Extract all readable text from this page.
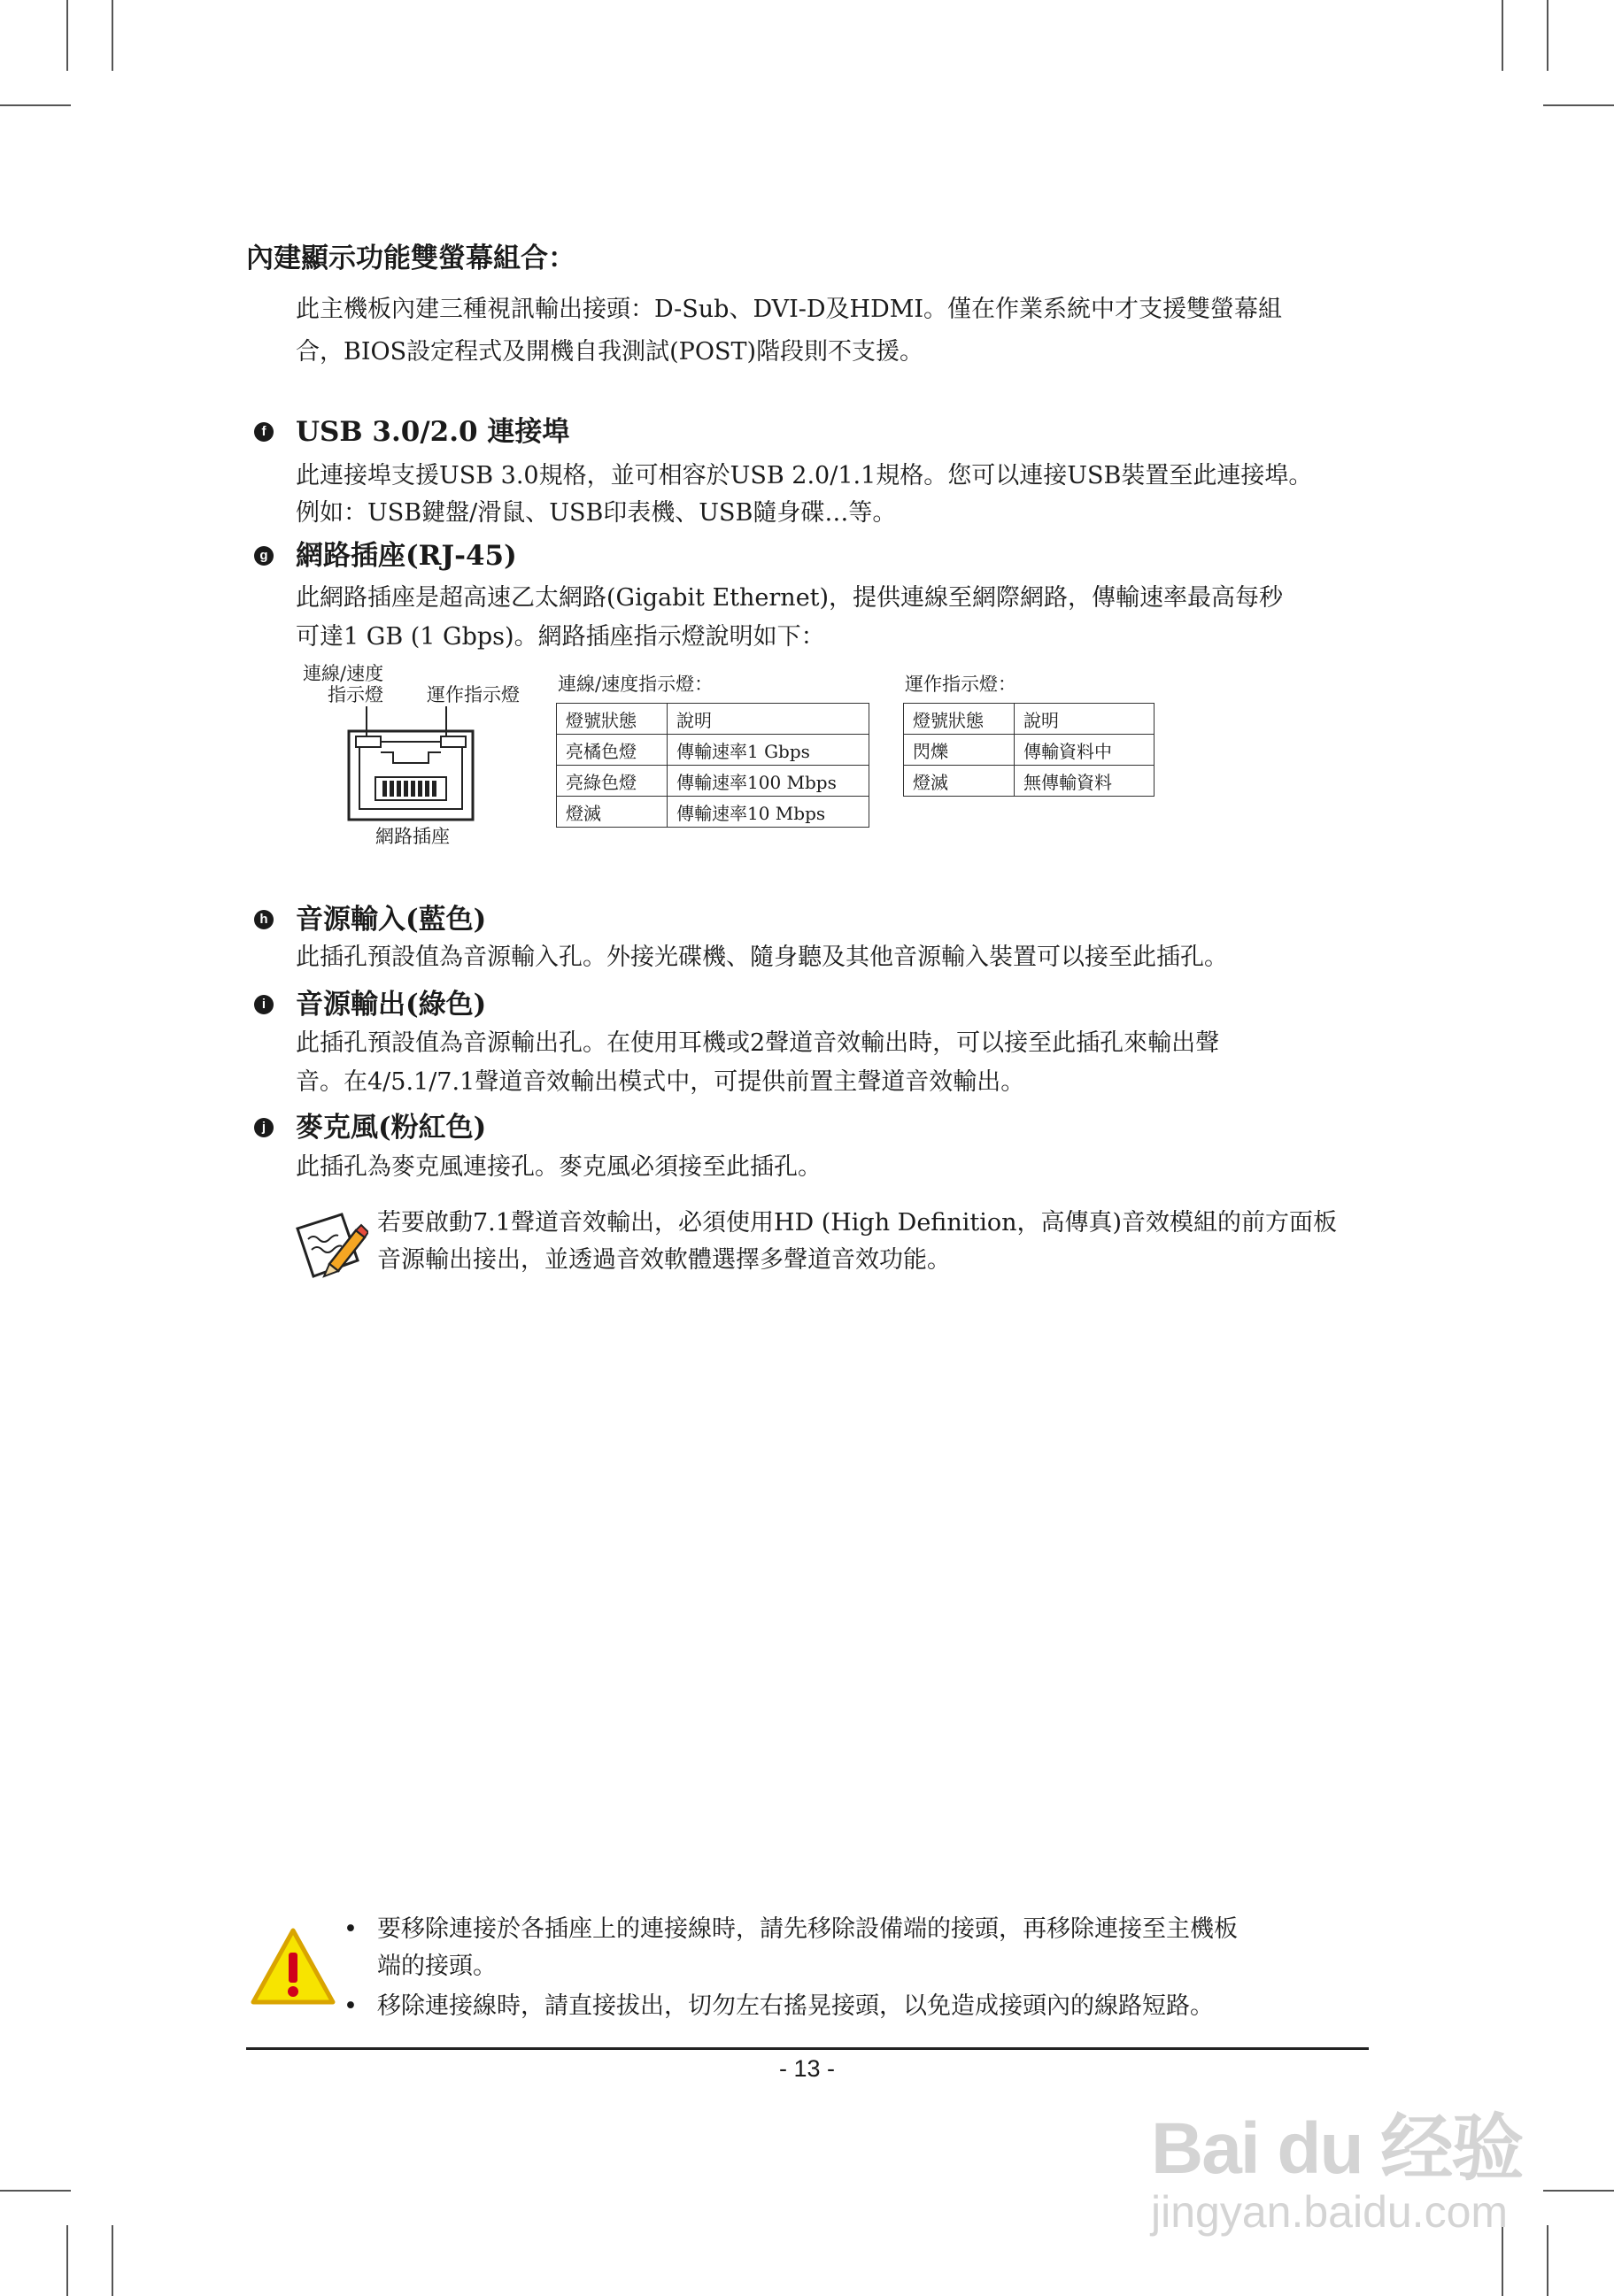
內建顯示功能雙螢幕組合：
此主機板內建三種視訊輸出接頭：D-Sub、DVI-D及HDMI。僅在作業系統中才支援雙螢幕組
合，BIOS設定程式及開機自我測試(POST)階段則不支援。
f USB 3.0/2.0 連接埠
此連接埠支援USB 3.0規格，並可相容於USB 2.0/1.1規格。您可以連接USB裝置至此連接埠。
例如：USB鍵盤/滑鼠、USB印表機、USB隨身碟…等。
g 網路插座(RJ-45)
此網路插座是超高速乙太網路(Gigabit Ethernet)，提供連線至網際網路，傳輸速率最高每秒
可達1 GB (1 Gbps)。網路插座指示燈說明如下：
連線/速度
指示燈 運作指示燈
網路插座
連線/速度指示燈：
燈號狀態	說明
亮橘色燈	傳輸速率1 Gbps
亮綠色燈	傳輸速率100 Mbps
燈滅	傳輸速率10 Mbps
運作指示燈：
燈號狀態	說明
閃爍	傳輸資料中
燈滅	無傳輸資料
h 音源輸入(藍色)
此插孔預設值為音源輸入孔。外接光碟機、隨身聽及其他音源輸入裝置可以接至此插孔。
i 音源輸出(綠色)
此插孔預設值為音源輸出孔。在使用耳機或2聲道音效輸出時，可以接至此插孔來輸出聲
音。在4/5.1/7.1聲道音效輸出模式中，可提供前置主聲道音效輸出。
j 麥克風(粉紅色)
此插孔為麥克風連接孔。麥克風必須接至此插孔。
若要啟動7.1聲道音效輸出，必須使用HD (High Definition，高傳真)音效模組的前方面板
音源輸出接出，並透過音效軟體選擇多聲道音效功能。
• 要移除連接於各插座上的連接線時，請先移除設備端的接頭，再移除連接至主機板
端的接頭。
• 移除連接線時，請直接拔出，切勿左右搖晃接頭，以免造成接頭內的線路短路。
- 13 -
Bai du 经验
jingyan.baidu.com
